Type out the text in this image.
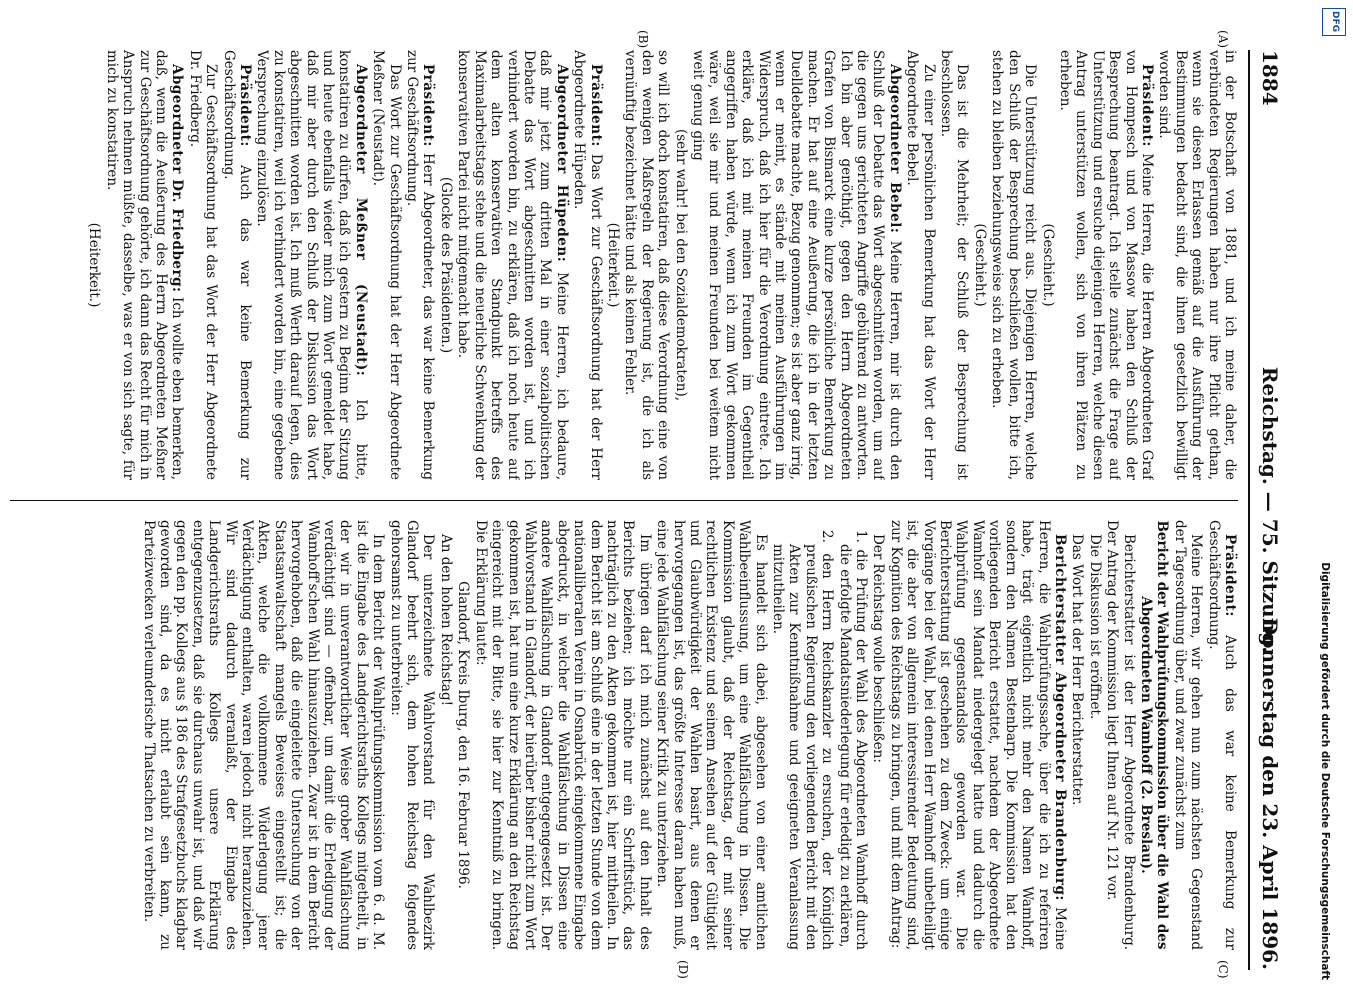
1884
Reichstag. — 75. Sitzung.
Donnerstag den 23. April 1896.
(A)
(B)
(C)
(D)

in der Botschaft von 1881, und ich meine daher, die verbündeten Regierungen haben nur ihre Pflicht gethan, wenn sie diesen Erlassen gemäß auf die Ausführung der Bestimmungen bedacht sind, die ihnen gesetzlich bewilligt worden sind.

Präsident: Meine Herren, die Herren Abgeordneten Graf von Hompesch und von Massow haben den Schluß der Besprechung beantragt. Ich stelle zunächst die Frage auf Unterstützung und ersuche diejenigen Herren, welche diesen Antrag unterstützen wollen, sich von ihren Plätzen zu erheben.

(Geschieht.)

Die Unterstützung reicht aus. Diejenigen Herren, welche den Schluß der Besprechung beschließen wollen, bitte ich, stehen zu bleiben beziehungsweise sich zu erheben.

(Geschieht.)

Das ist die Mehrheit; der Schluß der Besprechung ist beschlossen.

Zu einer persönlichen Bemerkung hat das Wort der Herr Abgeordnete Bebel.

Abgeordneter Bebel: Meine Herren, mir ist durch den Schluß der Debatte das Wort abgeschnitten worden, um auf die gegen uns gerichteten Angriffe gebührend zu antworten. Ich bin aber genöthigt, gegen den Herrn Abgeordneten Grafen von Bismarck eine kurze persönliche Bemerkung zu machen. Er hat auf eine Aeußerung, die ich in der letzten Duelldebatte machte, Bezug genommen; es ist aber ganz irrig, wenn er meint, es stände mit meinen Ausführungen im Widerspruch, daß ich hier für die Verordnung eintrete. Ich erkläre, daß ich mit meinen Freunden im Gegentheil angegriffen haben würde, wenn ich zum Wort gekommen wäre, weil sie mir und meinen Freunden bei weitem nicht weit genug ging

(sehr wahr! bei den Sozialdemokraten),

so will ich doch konstatiren, daß diese Verordnung eine von den wenigen Maßregeln der Regierung ist, die ich als vernünftig bezeichnet hätte und als keinen Fehler.

(Heiterkeit.)

Präsident: Das Wort zur Geschäftsordnung hat der Herr Abgeordnete Hüpeden.

Abgeordneter Hüpeden: Meine Herren, ich bedaure, daß mir jetzt zum dritten Mal in einer sozialpolitischen Debatte das Wort abgeschnitten worden ist, und ich verhindert worden bin, zu erklären, daß ich noch heute auf dem alten konservativen Standpunkt betreffs des Maximalarbeitstags stehe und die neuerliche Schwenkung der konservativen Partei nicht mitgemacht habe.

(Glocke des Präsidenten.)

Präsident: Herr Abgeordneter, das war keine Bemerkung zur Geschäftsordnung.

Das Wort zur Geschäftsordnung hat der Herr Abgeordnete Meßner (Neustadt).

Abgeordneter Meßner (Neustadt): Ich bitte, konstatiren zu dürfen, daß ich gestern zu Beginn der Sitzung und heute ebenfalls wieder mich zum Wort gemeldet habe, daß mir aber durch den Schluß der Diskussion das Wort abgeschnitten worden ist. Ich muß Werth darauf legen, dies zu konstatiren, weil ich verhindert worden bin, eine gegebene Versprechung einzulösen.

Präsident: Auch das war keine Bemerkung zur Geschäftsordnung.

Zur Geschäftsordnung hat das Wort der Herr Abgeordnete Dr. Friedberg.

Abgeordneter Dr. Friedberg: Ich wollte eben bemerken, daß, wenn die Aeußerung des Herrn Abgeordneten Meßner zur Geschäftsordnung gehörte, ich dann das Recht für mich in Anspruch nehmen müßte, dasselbe, was er von sich sagte, für mich zu konstatiren.

(Heiterkeit.)

Präsident: Auch das war keine Bemerkung zur Geschäftsordnung.

Meine Herren, wir gehen nun zum nächsten Gegenstand der Tagesordnung über, und zwar zunächst zum

Bericht der Wahlprüfungskommission über die Wahl des Abgeordneten Wamhoff (2. Breslau).

Berichterstatter ist der Herr Abgeordnete Brandenburg. Der Antrag der Kommission liegt Ihnen auf Nr. 121 vor.

Die Diskussion ist eröffnet.

Das Wort hat der Herr Berichterstatter.

Berichterstatter Abgeordneter Brandenburg: Meine Herren, die Wahlprüfungssache, über die ich zu referiren habe, trägt eigentlich nicht mehr den Namen Wamhoff, sondern den Namen Bestenbarp. Die Kommission hat den vorliegenden Bericht erstattet, nachdem der Abgeordnete Wamhoff sein Mandat niedergelegt hatte und dadurch die Wahlprüfung gegenstandslos geworden war. Die Berichterstattung ist geschehen zu dem Zweck: um einige Vorgänge bei der Wahl, bei denen Herr Wamhoff unbetheiligt ist, die aber von allgemein interessirender Bedeutung sind, zur Kognition des Reichstags zu bringen, und mit dem Antrag:

Der Reichstag wolle beschließen:

1. die Prüfung der Wahl des Abgeordneten Wamhoff durch die erfolgte Mandatsniederlegung für erledigt zu erklären,

2. den Herrn Reichskanzler zu ersuchen, der Königlich preußischen Regierung den vorliegenden Bericht mit den Akten zur Kenntnißnahme und geeigneten Veranlassung mitzutheilen.

Es handelt sich dabei, abgesehen von einer amtlichen Wahlbeeinflussung, um eine Wahlfälschung in Dissen. Die Kommission glaubt, daß der Reichstag, der mit seiner rechtlichen Existenz und seinem Ansehen auf der Gültigkeit und Glaubwürdigkeit der Wahlen basirt, aus denen er hervorgegangen ist, das größte Interesse daran haben muß, eine jede Wahlfälschung seiner Kritik zu unterziehen.

Im übrigen darf ich mich zunächst auf den Inhalt des Berichts beziehen; ich möchte nur ein Schriftstück, das nachträglich zu den Akten gekommen ist, hier mittheilen. In dem Bericht ist am Schluß eine in der letzten Stunde von dem nationalliberalen Verein in Osnabrück eingekommene Eingabe abgedruckt, in welcher die Wahlfälschung in Dissen eine andere Wahlfälschung in Glandorf entgegengesetzt ist. Der Wahlvorstand in Glandorf, der hierüber bisher nicht zum Wort gekommen ist, hat nun eine kurze Erklärung an den Reichstag eingereicht mit der Bitte, sie hier zur Kenntniß zu bringen. Die Erklärung lautet:

Glandorf, Kreis Iburg, den 16. Februar 1896.

An den hohen Reichstag!

Der unterzeichnete Wahlvorstand für den Wahlbezirk Glandorf beehrt sich, dem hohen Reichstag folgendes gehorsamst zu unterbreiten:

In dem Bericht der Wahlprüfungskommission vom 6. d. M. ist die Eingabe des Landgerichtsraths Kollegs mitgetheilt, in der wir in unverantwortlicher Weise grober Wahlfälschung verdächtigt sind — offenbar, um damit die Erledigung der Wamhoff'schen Wahl hinauszuziehen. Zwar ist in dem Bericht hervorgehoben, daß die eingeleitete Untersuchung von der Staatsanwaltschaft mangels Beweises eingestellt ist; die Akten, welche die vollkommene Widerlegung jener Verdächtigung enthalten, waren jedoch nicht heranzuziehen. Wir sind dadurch veranlaßt, der Eingabe des Landgerichtsraths Kollegs unsere Erklärung entgegenzusetzen, daß sie durchaus unwahr ist, und daß wir gegen den pp. Kollegs aus § 186 des Strafgesetzbuchs klagbar geworden sind, da es nicht erlaubt sein kann, zu Parteizwecken verleumderische Thatsachen zu verbreiten.

DFG
Digitalisierung gefördert durch die Deutsche Forschungsgemeinschaft
